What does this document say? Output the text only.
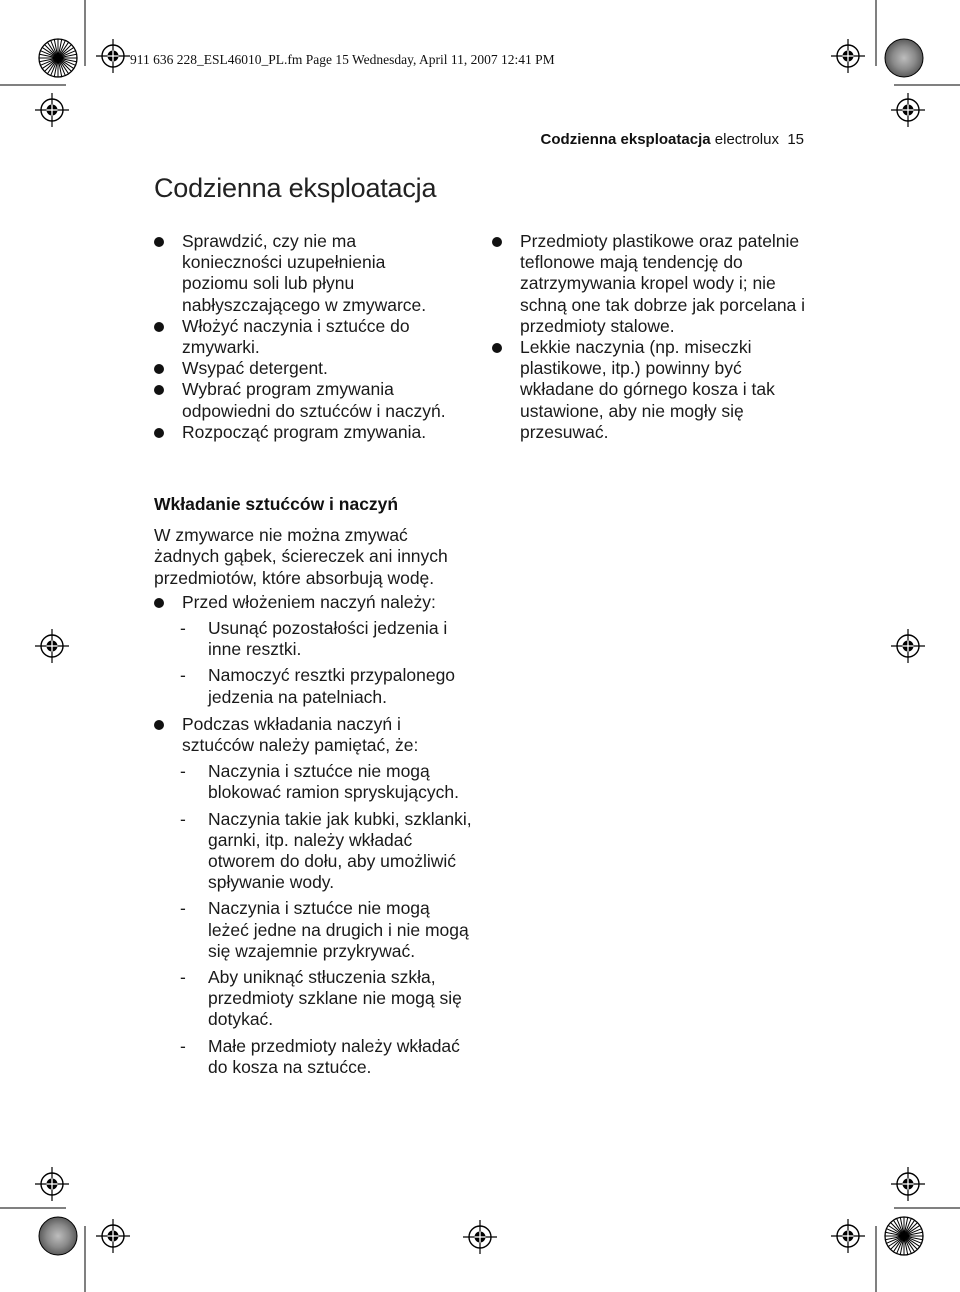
911 636 228_ESL46010_PL.fm Page 15 Wednesday, April 11, 2007 12:41 PM
Codzienna eksploatacja electrolux 15
Codzienna eksploatacja
Sprawdzić, czy nie ma konieczności uzupełnienia poziomu soli lub płynu nabłyszczającego w zmywarce.
Włożyć naczynia i sztućce do zmywarki.
Wsypać detergent.
Wybrać program zmywania odpowiedni do sztućców i naczyń.
Rozpocząć program zmywania.
Przedmioty plastikowe oraz patelnie teflonowe mają tendencję do zatrzymywania kropel wody i; nie schną one tak dobrze jak porcelana i przedmioty stalowe.
Lekkie naczynia (np. miseczki plastikowe, itp.) powinny być wkładane do górnego kosza i tak ustawione, aby nie mogły się przesuwać.
Wkładanie sztućców i naczyń

W zmywarce nie można zmywać żadnych gąbek, ściereczek ani innych przedmiotów, które absorbują wodę.

Przed włożeniem naczyń należy:
- Usunąć pozostałości jedzenia i inne resztki.
- Namoczyć resztki przypalonego jedzenia na patelniach.
Podczas wkładania naczyń i sztućców należy pamiętać, że:
- Naczynia i sztućce nie mogą blokować ramion spryskujących.
- Naczynia takie jak kubki, szklanki, garnki, itp. należy wkładać otworem do dołu, aby umożliwić spływanie wody.
- Naczynia i sztućce nie mogą leżeć jedne na drugich i nie mogą się wzajemnie przykrywać.
- Aby uniknąć stłuczenia szkła, przedmioty szklane nie mogą się dotykać.
- Małe przedmioty należy wkładać do kosza na sztućce.
